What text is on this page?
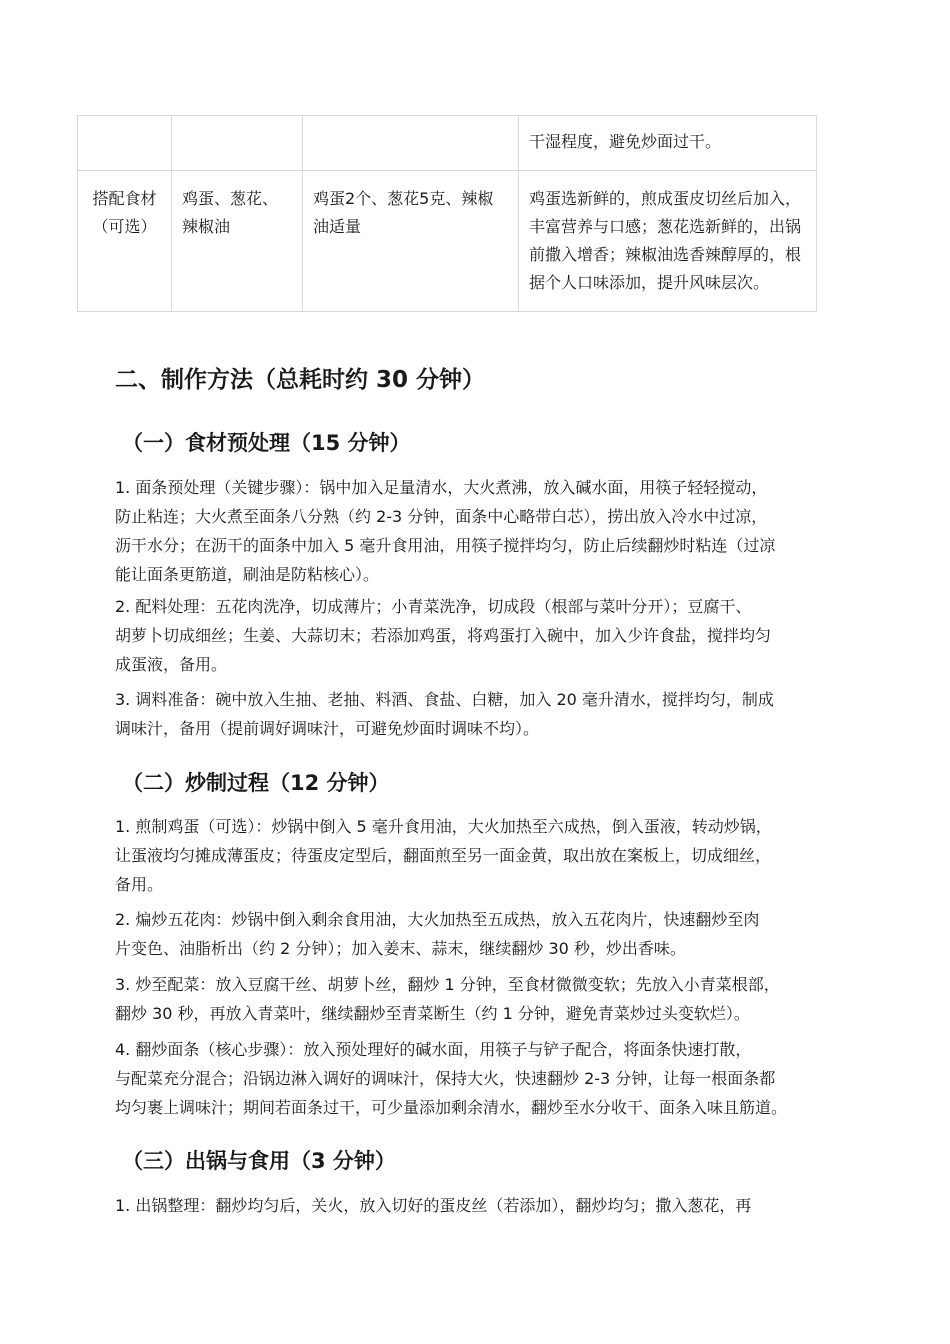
			干湿程度，避免炒面过干。
搭配食材（可选）	鸡蛋、葱花、辣椒油	鸡蛋2个、葱花5克、辣椒油适量	鸡蛋选新鲜的，煎成蛋皮切丝后加入，丰富营养与口感；葱花选新鲜的，出锅前撒入增香；辣椒油选香辣醇厚的，根据个人口味添加，提升风味层次。
二、制作方法（总耗时约 30 分钟）
（一）食材预处理（15 分钟）
1. 面条预处理（关键步骤）：锅中加入足量清水，大火煮沸，放入碱水面，用筷子轻轻搅动，
防止粘连；大火煮至面条八分熟（约 2-3 分钟，面条中心略带白芯），捞出放入冷水中过凉，
沥干水分；在沥干的面条中加入 5 毫升食用油，用筷子搅拌均匀，防止后续翻炒时粘连（过凉
能让面条更筋道，刷油是防粘核心）。
2. 配料处理：五花肉洗净，切成薄片；小青菜洗净，切成段（根部与菜叶分开）；豆腐干、
胡萝卜切成细丝；生姜、大蒜切末；若添加鸡蛋，将鸡蛋打入碗中，加入少许食盐，搅拌均匀
成蛋液，备用。
3. 调料准备：碗中放入生抽、老抽、料酒、食盐、白糖，加入 20 毫升清水，搅拌均匀，制成
调味汁，备用（提前调好调味汁，可避免炒面时调味不均）。
（二）炒制过程（12 分钟）
1. 煎制鸡蛋（可选）：炒锅中倒入 5 毫升食用油，大火加热至六成热，倒入蛋液，转动炒锅，
让蛋液均匀摊成薄蛋皮；待蛋皮定型后，翻面煎至另一面金黄，取出放在案板上，切成细丝，
备用。
2. 煸炒五花肉：炒锅中倒入剩余食用油，大火加热至五成热，放入五花肉片，快速翻炒至肉
片变色、油脂析出（约 2 分钟）；加入姜末、蒜末，继续翻炒 30 秒，炒出香味。
3. 炒至配菜：放入豆腐干丝、胡萝卜丝，翻炒 1 分钟，至食材微微变软；先放入小青菜根部，
翻炒 30 秒，再放入青菜叶，继续翻炒至青菜断生（约 1 分钟，避免青菜炒过头变软烂）。
4. 翻炒面条（核心步骤）：放入预处理好的碱水面，用筷子与铲子配合，将面条快速打散，
与配菜充分混合；沿锅边淋入调好的调味汁，保持大火，快速翻炒 2-3 分钟，让每一根面条都
均匀裹上调味汁；期间若面条过干，可少量添加剩余清水，翻炒至水分收干、面条入味且筋道。
（三）出锅与食用（3 分钟）
1. 出锅整理：翻炒均匀后，关火，放入切好的蛋皮丝（若添加），翻炒均匀；撒入葱花，再
